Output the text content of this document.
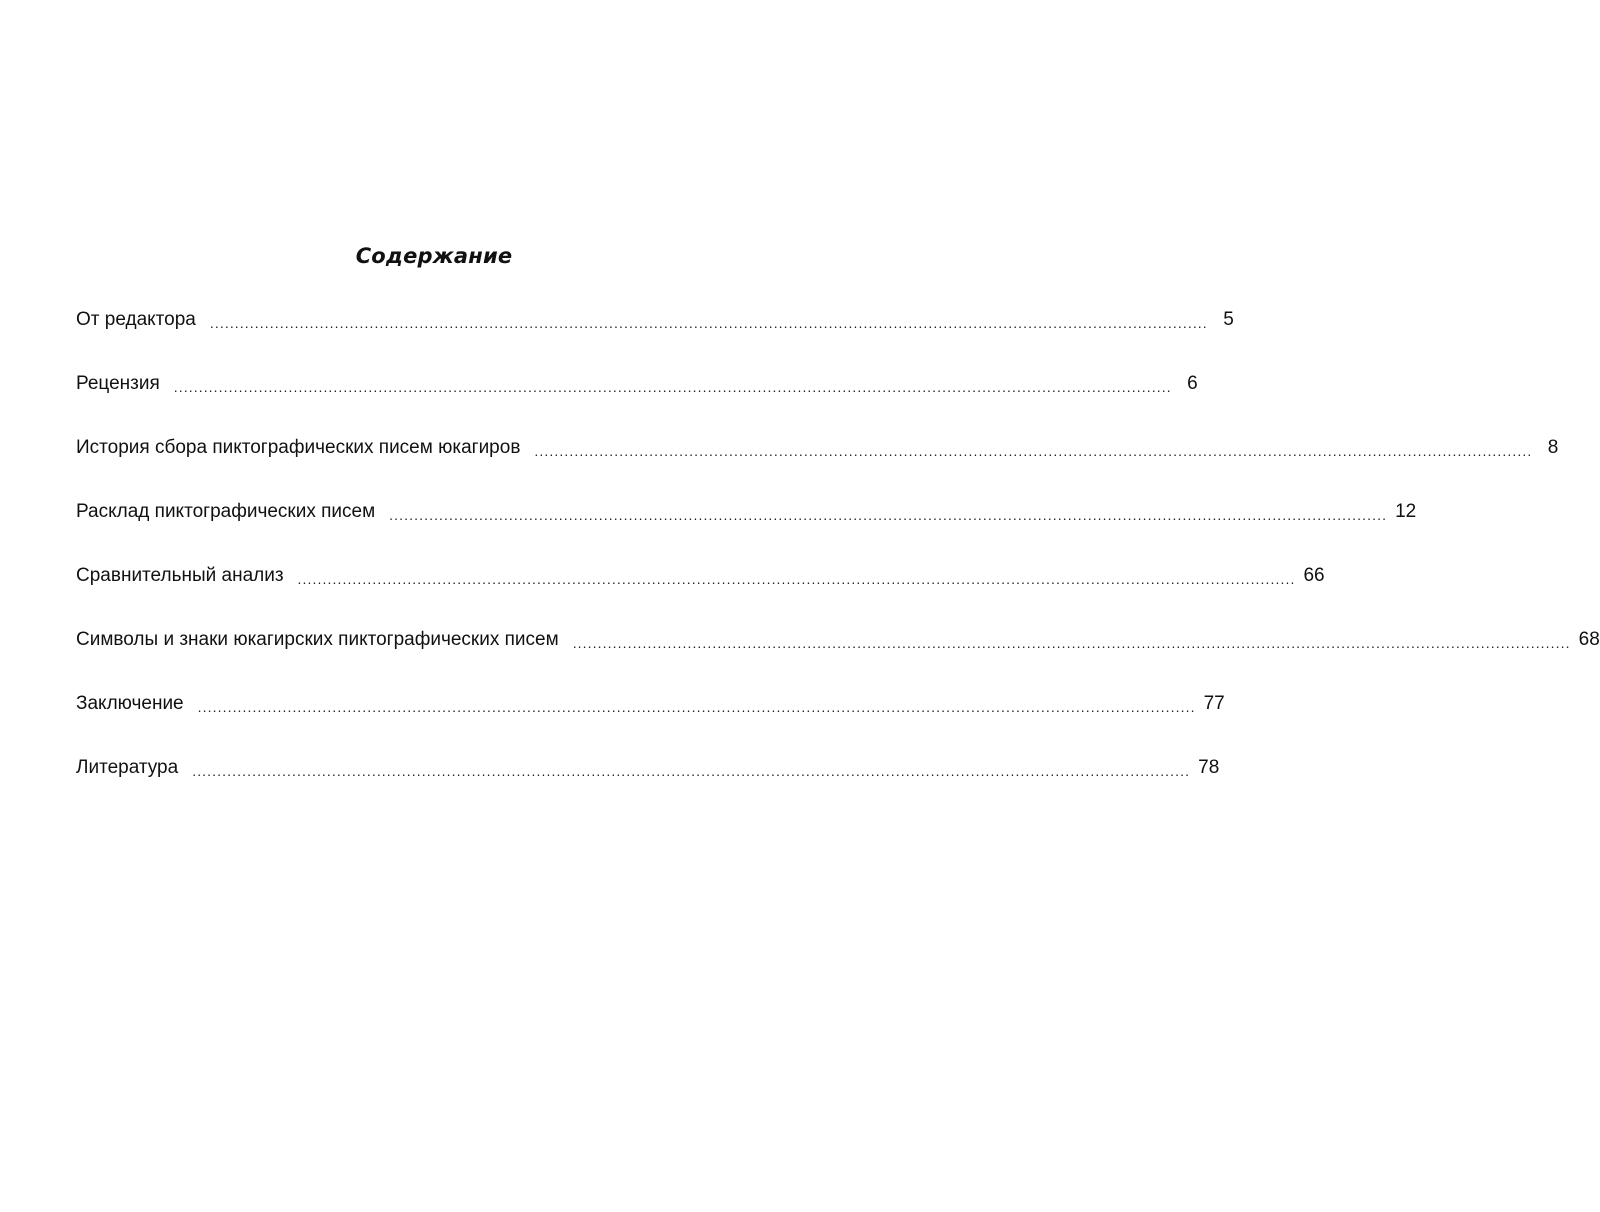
Содержание
От редактора ........................................................................................................................................................................................................ 5
Рецензия ........................................................................................................................................................................................................ 6
История сбора пиктографических писем юкагиров ........................................................................................................................................................................................................ 8
Расклад пиктографических писем ........................................................................................................................................................................................................ 12
Сравнительный анализ ........................................................................................................................................................................................................ 66
Символы и знаки юкагирских пиктографических писем ........................................................................................................................................................................................................ 68
Заключение ........................................................................................................................................................................................................ 77
Литература ........................................................................................................................................................................................................ 78
